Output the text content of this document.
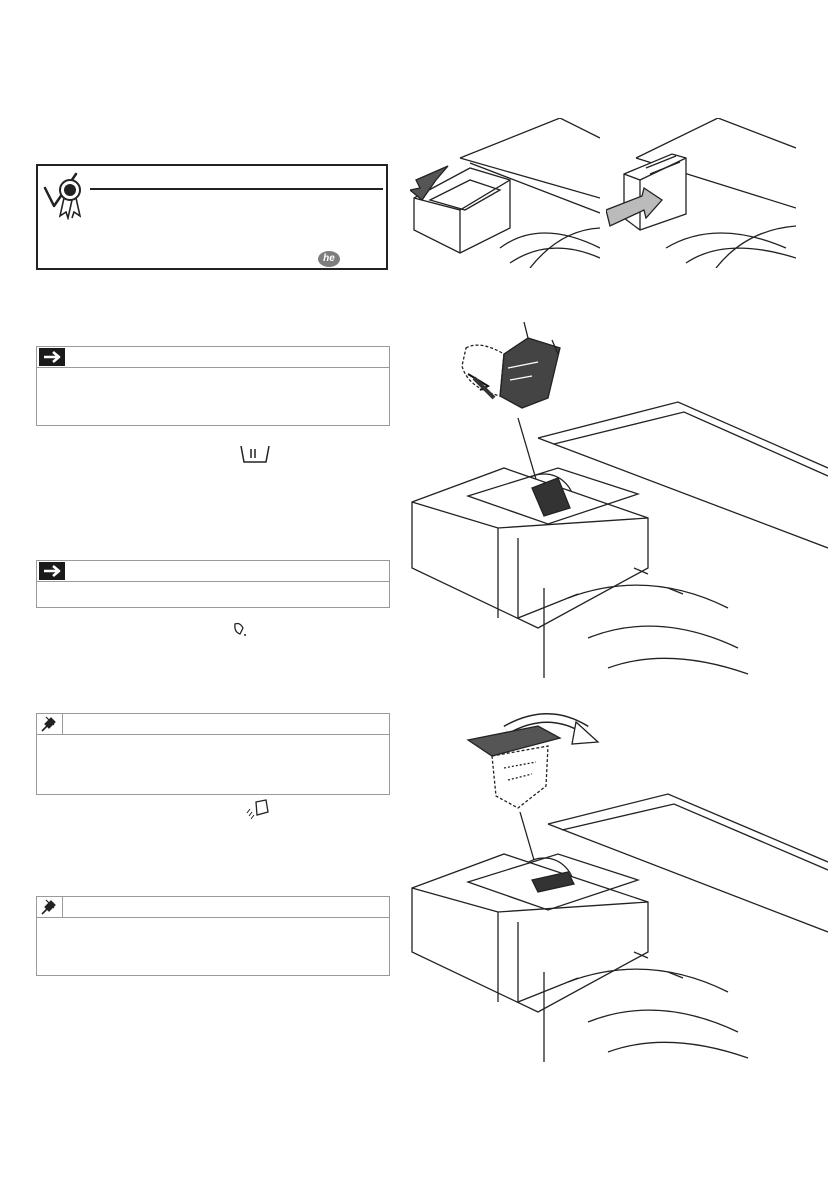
he
